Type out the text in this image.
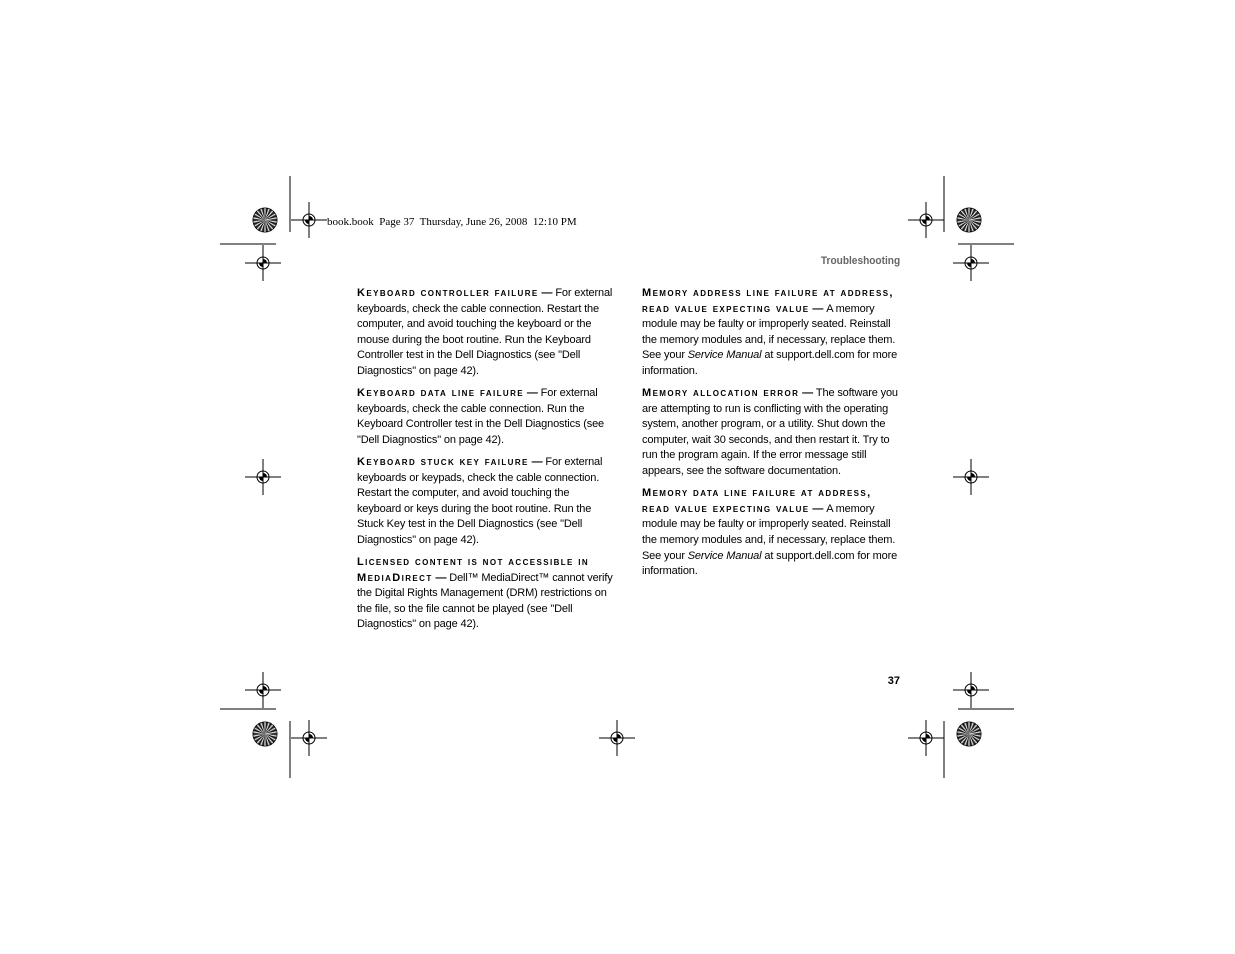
book.book  Page 37  Thursday, June 26, 2008  12:10 PM
Troubleshooting
37

Keyboard controller failure — For external keyboards, check the cable connection. Restart the computer, and avoid touching the keyboard or the mouse during the boot routine. Run the Keyboard Controller test in the Dell Diagnostics (see "Dell Diagnostics" on page 42).

Keyboard data line failure — For external keyboards, check the cable connection. Run the Keyboard Controller test in the Dell Diagnostics (see "Dell Diagnostics" on page 42).

Keyboard stuck key failure — For external keyboards or keypads, check the cable connection. Restart the computer, and avoid touching the keyboard or keys during the boot routine. Run the Stuck Key test in the Dell Diagnostics (see "Dell Diagnostics" on page 42).

Licensed content is not accessible in MediaDirect — Dell™ MediaDirect™ cannot verify the Digital Rights Management (DRM) restrictions on the file, so the file cannot be played (see "Dell Diagnostics" on page 42).

Memory address line failure at address, read value expecting value — A memory module may be faulty or improperly seated. Reinstall the memory modules and, if necessary, replace them. See your Service Manual at support.dell.com for more information.

Memory allocation error — The software you are attempting to run is conflicting with the operating system, another program, or a utility. Shut down the computer, wait 30 seconds, and then restart it. Try to run the program again. If the error message still appears, see the software documentation.

Memory data line failure at address, read value expecting value — A memory module may be faulty or improperly seated. Reinstall the memory modules and, if necessary, replace them. See your Service Manual at support.dell.com for more information.
